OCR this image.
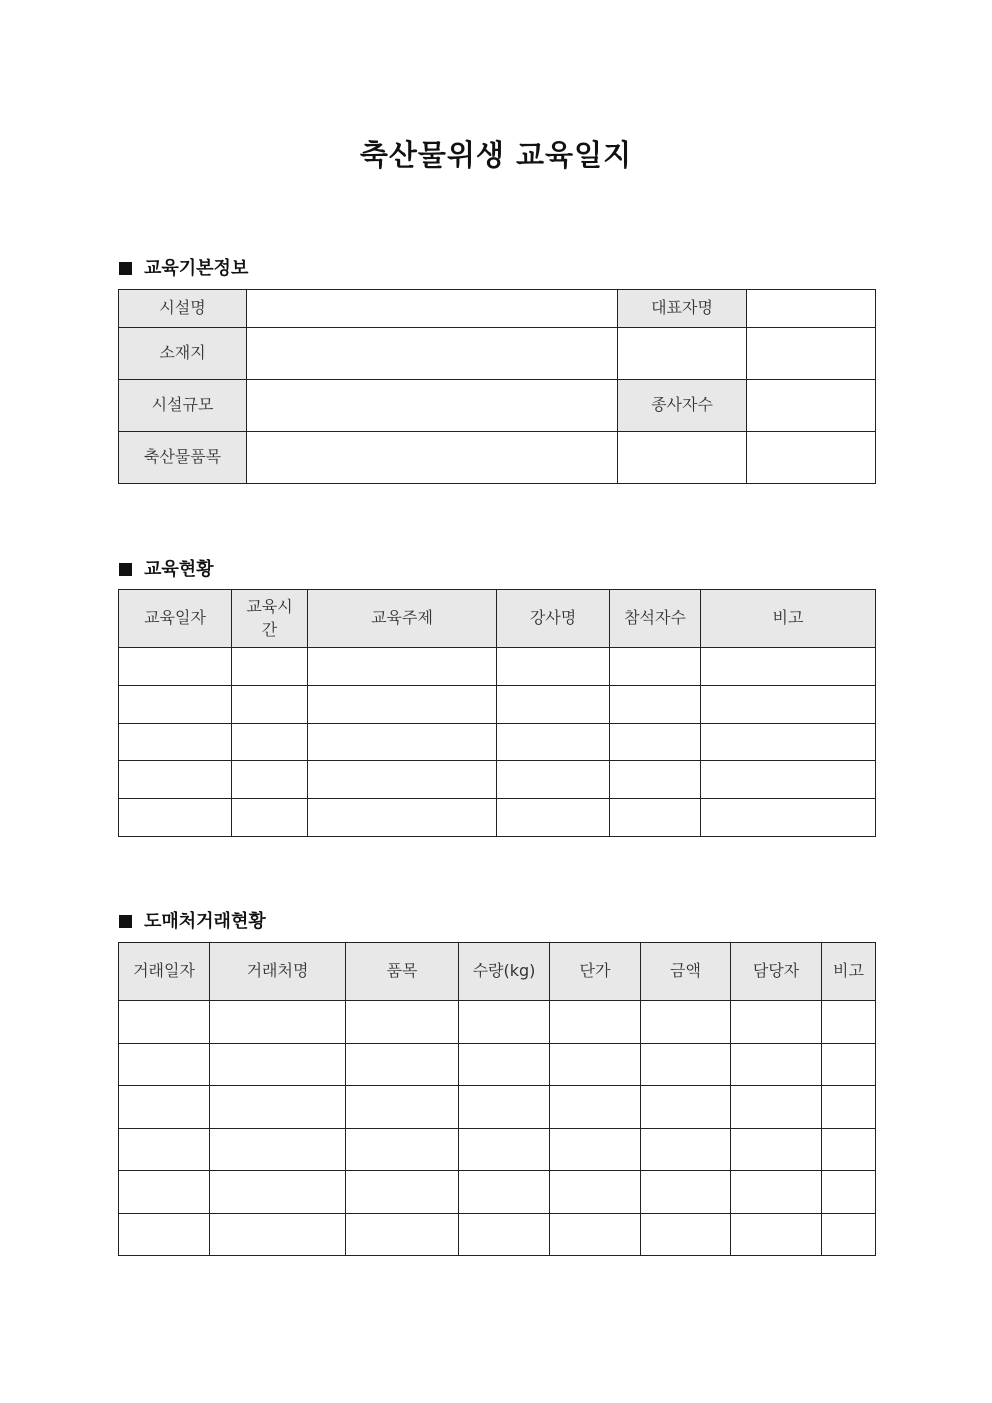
축산물위생 교육일지
교육기본정보
시설명		대표자명	
소재지			
시설규모		종사자수	
축산물품목			
교육현황
교육일자	교육시간	교육주제	강사명	참석자수	비고

도매처거래현황
거래일자	거래처명	품목	수량(kg)	단가	금액	담당자	비고
